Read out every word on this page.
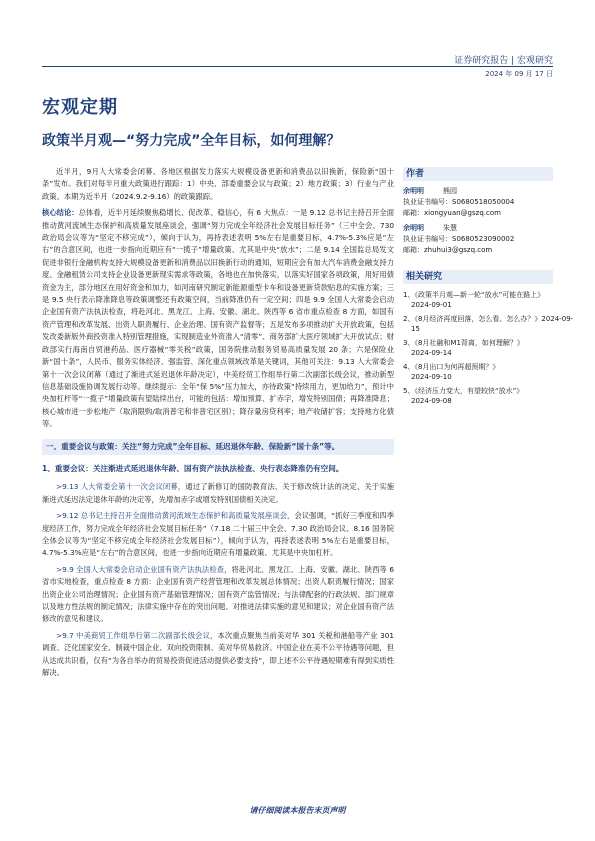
证券研究报告 | 宏观研究
2024 年 09 月 17 日
宏观定期
政策半月观—“努力完成”全年目标，如何理解？

近半月，9月人大常委会闭幕、各地区根据发力落实大规模设备更新和消费品以旧换新，保险新“国十条”发布。我们对每半月重大政策进行跟踪：1）中央、部委重要会议与政策；2）地方政策；3）行业与产业政策。本期为近半月（2024.9.2-9.16）的政策跟踪。

核心结论：总体看，近半月延续聚焦稳增长、促改革、稳信心，有 6 大焦点：一是 9.12 总书记主持召开全面推动黄河流域生态保护和高质量发展座谈会，强调“努力完成全年经济社会发展目标任务”（三中全会、730 政治局会议等为“坚定不移完成”），倾向于认为，再持表述表明 5%左右是重要目标，4.7%-5.3%应是“左右”的合意区间，也进一步指向近期应有“一揽子”增量政策、尤其是中央“放水”；二是 9.14 全国监总局发文促进非银行金融机构支持大规模设备更新和消费品以旧换新行动的通知，短期应会有加大汽车消费金融支持力度、金融租赁公司支持企业设备更新现实需求等政策，各地也在加快落实，以落实好国家各项政策，用好用债资金为主，部分地区在用好资金和加力，如河南研究制定新能源重型卡车和设备更新贷款贴息的实施方案；三是 9.5 央行表示降准降息等政策调整还有政策空间，当前降准仍有一定空间；四是 9.9 全国人大常委会启动企业国有资产法执法检查，将赴河北、黑龙江、上海、安徽、湖北、陕西等 6 省市重点检查 8 方面，如国有资产管理和改革发展、出资人职责履行、企业治理、国有资产监督等；五是发布多项推动扩大开放政策，包括发改委新版外商投资准入特别管理措施，实现制造业外资准入“清零”、商务部扩大医疗领域扩大开放试点；财政部实行海南自贸港药品、医疗器械“零关税”政策，国务院推动服务贸易高质量发展 20 条；六是保险业新“国十条”，人民币、服务实体经济、强监管、深化重点领域改革是关键词，其他可关注：9.13 人大常委会第十一次会议闭幕（通过了渐进式延迟退休年龄决定），中美经贸工作组举行第二次副部长级会议，推动新型信息基础设施协调发展行动等。继续提示：全年“保 5%”压力加大，亦待政策“持续用力，更加给力”，预计中央加杠杆等“一揽子”增量政策有望陆续出台，可能的包括：增加预算、扩赤字，增发特别国债；再降准降息；核心城市进一步松地产（取消限购/取消普宅和非普宅区别）；降存量房贷利率；地产收储扩容；支持地方化债等。

一、重要会议与政策：关注“努力完成”全年目标、延迟退休年龄、保险新“国十条”等。
1、重要会议：关注渐进式延迟退休年龄、国有资产法执法检查、央行表态降准仍有空间。

>9.13 人大常委会第十一次会议闭幕，通过了新修订的国防教育法、关于修改统计法的决定、关于实施渐进式延迟法定退休年龄的决定等，先增加赤字或增发特别国债相关决定。

>9.12 总书记主持召开全面推动黄河流域生态保护和高质量发展座谈会，会议强调，“抓好三季度和四季度经济工作，努力完成全年经济社会发展目标任务”（7.18 二十届三中全会、7.30 政治局会议、8.16 国务院全体会议等为“坚定不移完成全年经济社会发展目标”），倾向于认为，再持表述表明 5%左右是重要目标，4.7%-5.3%应是“左右”的合意区间，也进一步指向近期应有增量政策、尤其是中央加杠杆。

>9.9 全国人大常委会启动企业国有资产法执法检查，将赴河北、黑龙江、上海、安徽、湖北、陕西等 6 省市实地检查，重点检查 8 方面：企业国有资产经营管理和改革发展总体情况；出资人职责履行情况；国家出资企业公司治理情况；企业国有资产基础管理情况；国有资产监管情况；与法律配套的行政法规、部门规章以及地方性法规的制定情况；法律实施中存在的突出问题、对推进法律实施的意见和建议；对企业国有资产法修改的意见和建议。

>9.7 中美商贸工作组举行第二次副部长级会议，本次重点聚焦当前美对华 301 关税和港船等产业 301 调查、泛化国家安全、制裁中国企业、双向投资限制、美对华贸易救济、中国企业在美不公平待遇等问题，但从达成共识看，仅有“为各自举办的贸易投资促进活动提供必要支持”，即上述不公平待遇短期难有得到实质性解决。

作者
余明明	熊园
执业证书编号：S0680518050004
邮箱：xiongyuan@gszq.com
余明明	朱慧
执业证书编号：S0680523090002
邮箱：zhuhui3@gszq.com
相关研究
1、《政策半月观—新一轮“放水”可能在路上》
2024-09-01
2、《8月经济再度回落，怎么看、怎么办？》2024-09-
15
3、《8月社融和M1背离，如何理解？》
2024-09-14
4、《8月出口为何再超预期？》
2024-09-10
5、《经济压力变大，有望较快“放水”》
2024-09-08
请仔细阅读本报告末页声明
